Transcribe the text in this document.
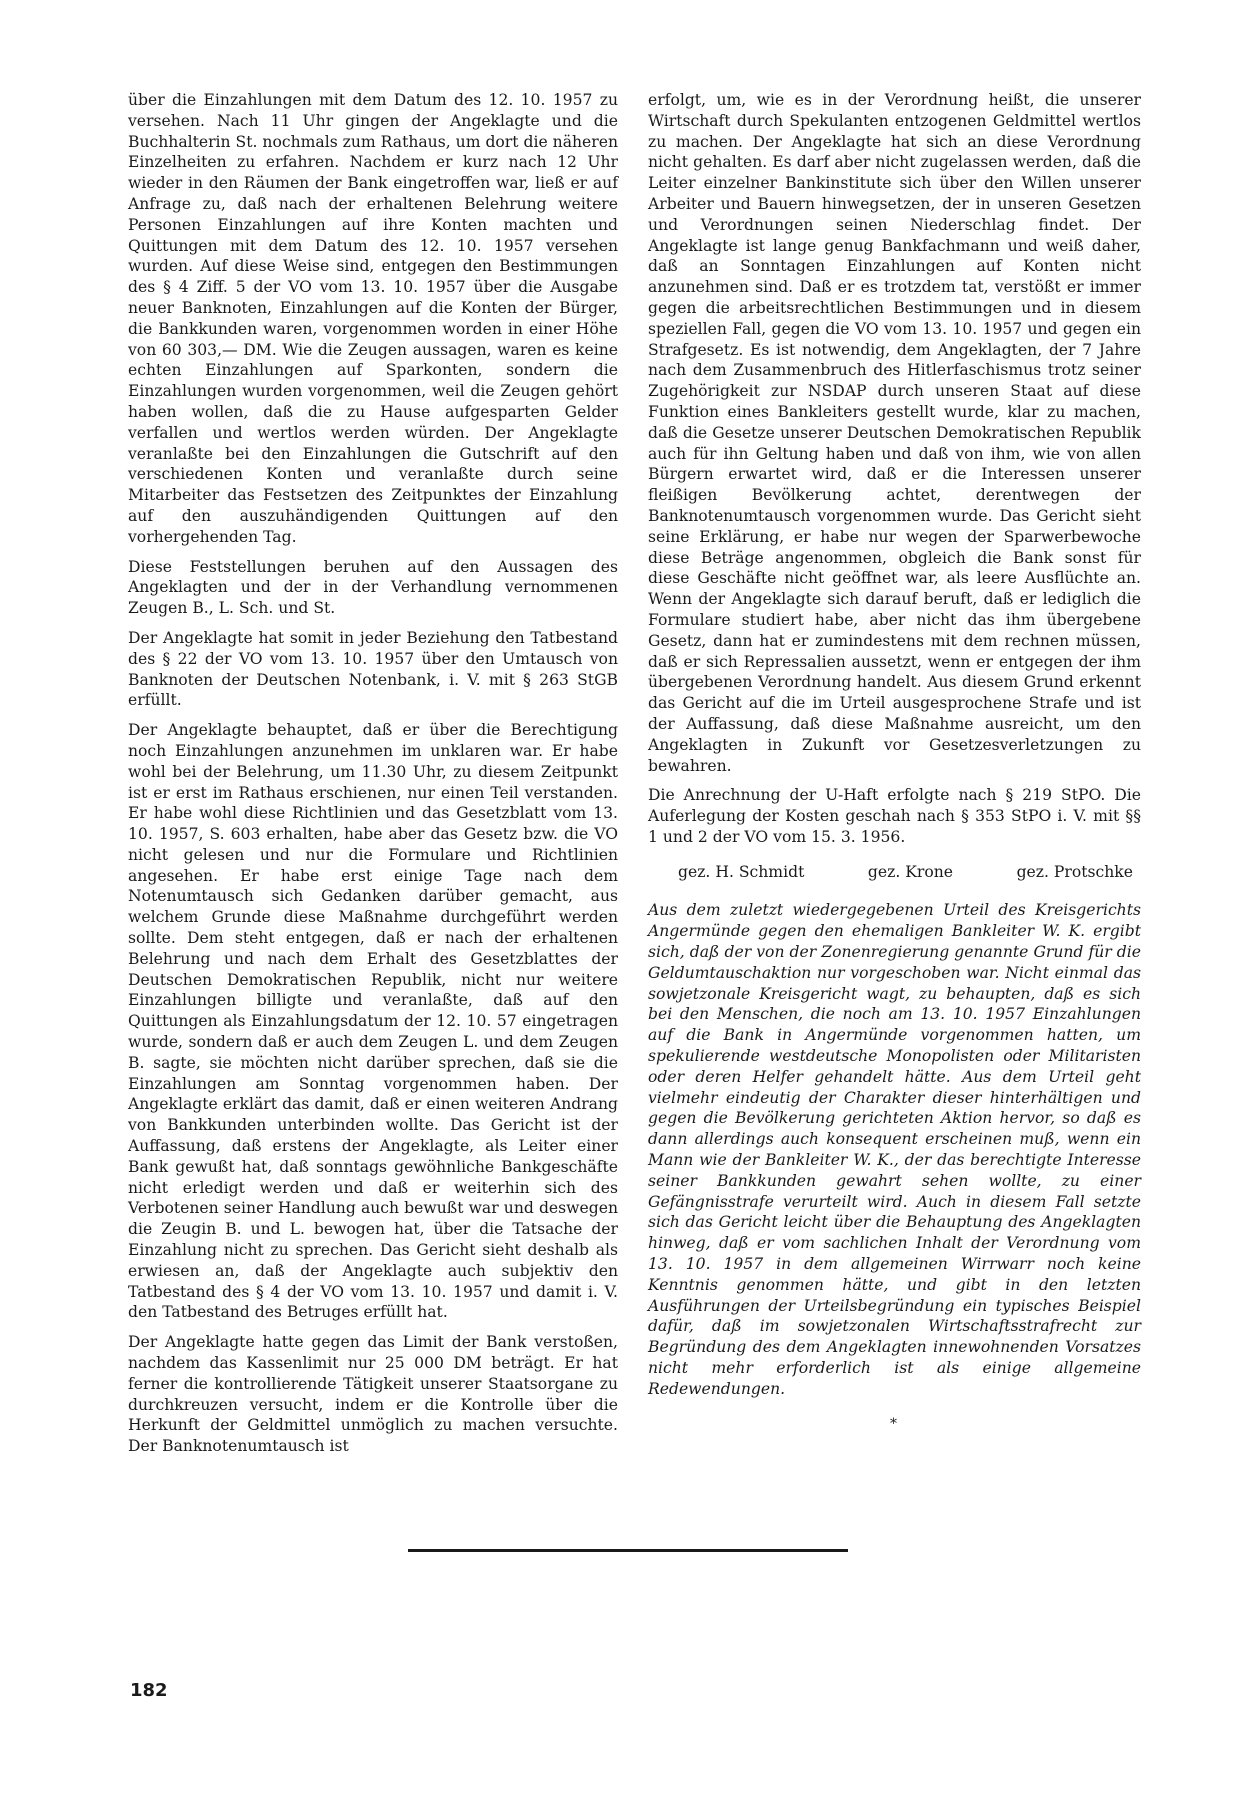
über die Einzahlungen mit dem Datum des 12. 10. 1957 zu versehen. Nach 11 Uhr gingen der Angeklagte und die Buchhalterin St. nochmals zum Rathaus, um dort die näheren Einzelheiten zu erfahren. Nachdem er kurz nach 12 Uhr wieder in den Räumen der Bank eingetroffen war, ließ er auf Anfrage zu, daß nach der erhaltenen Belehrung weitere Personen Einzahlungen auf ihre Konten machten und Quittungen mit dem Datum des 12. 10. 1957 versehen wurden. Auf diese Weise sind, entgegen den Bestimmungen des § 4 Ziff. 5 der VO vom 13. 10. 1957 über die Ausgabe neuer Banknoten, Einzahlungen auf die Konten der Bürger, die Bankkunden waren, vorgenommen worden in einer Höhe von 60 303,— DM. Wie die Zeugen aussagen, waren es keine echten Einzahlungen auf Sparkonten, sondern die Einzahlungen wurden vorgenommen, weil die Zeugen gehört haben wollen, daß die zu Hause aufgesparten Gelder verfallen und wertlos werden würden. Der Angeklagte veranlaßte bei den Einzahlungen die Gutschrift auf den verschiedenen Konten und veranlaßte durch seine Mitarbeiter das Festsetzen des Zeitpunktes der Einzahlung auf den auszuhändigenden Quittungen auf den vorhergehenden Tag.

Diese Feststellungen beruhen auf den Aussagen des Angeklagten und der in der Verhandlung vernommenen Zeugen B., L. Sch. und St.

Der Angeklagte hat somit in jeder Beziehung den Tatbestand des § 22 der VO vom 13. 10. 1957 über den Umtausch von Banknoten der Deutschen Notenbank, i. V. mit § 263 StGB erfüllt.

Der Angeklagte behauptet, daß er über die Berechtigung noch Einzahlungen anzunehmen im unklaren war. Er habe wohl bei der Belehrung, um 11.30 Uhr, zu diesem Zeitpunkt ist er erst im Rathaus erschienen, nur einen Teil verstanden. Er habe wohl diese Richtlinien und das Gesetzblatt vom 13. 10. 1957, S. 603 erhalten, habe aber das Gesetz bzw. die VO nicht gelesen und nur die Formulare und Richtlinien angesehen. Er habe erst einige Tage nach dem Notenumtausch sich Gedanken darüber gemacht, aus welchem Grunde diese Maßnahme durchgeführt werden sollte. Dem steht entgegen, daß er nach der erhaltenen Belehrung und nach dem Erhalt des Gesetzblattes der Deutschen Demokratischen Republik, nicht nur weitere Einzahlungen billigte und veranlaßte, daß auf den Quittungen als Einzahlungsdatum der 12. 10. 57 eingetragen wurde, sondern daß er auch dem Zeugen L. und dem Zeugen B. sagte, sie möchten nicht darüber sprechen, daß sie die Einzahlungen am Sonntag vorgenommen haben. Der Angeklagte erklärt das damit, daß er einen weiteren Andrang von Bankkunden unterbinden wollte. Das Gericht ist der Auffassung, daß erstens der Angeklagte, als Leiter einer Bank gewußt hat, daß sonntags gewöhnliche Bankgeschäfte nicht erledigt werden und daß er weiterhin sich des Verbotenen seiner Handlung auch bewußt war und deswegen die Zeugin B. und L. bewogen hat, über die Tatsache der Einzahlung nicht zu sprechen. Das Gericht sieht deshalb als erwiesen an, daß der Angeklagte auch subjektiv den Tatbestand des § 4 der VO vom 13. 10. 1957 und damit i. V. den Tatbestand des Betruges erfüllt hat.

Der Angeklagte hatte gegen das Limit der Bank verstoßen, nachdem das Kassenlimit nur 25 000 DM beträgt. Er hat ferner die kontrollierende Tätigkeit unserer Staatsorgane zu durchkreuzen versucht, indem er die Kontrolle über die Herkunft der Geldmittel unmöglich zu machen versuchte. Der Banknotenumtausch ist

erfolgt, um, wie es in der Verordnung heißt, die unserer Wirtschaft durch Spekulanten entzogenen Geldmittel wertlos zu machen. Der Angeklagte hat sich an diese Verordnung nicht gehalten. Es darf aber nicht zugelassen werden, daß die Leiter einzelner Bankinstitute sich über den Willen unserer Arbeiter und Bauern hinwegsetzen, der in unseren Gesetzen und Verordnungen seinen Niederschlag findet. Der Angeklagte ist lange genug Bankfachmann und weiß daher, daß an Sonntagen Einzahlungen auf Konten nicht anzunehmen sind. Daß er es trotzdem tat, verstößt er immer gegen die arbeitsrechtlichen Bestimmungen und in diesem speziellen Fall, gegen die VO vom 13. 10. 1957 und gegen ein Strafgesetz. Es ist notwendig, dem Angeklagten, der 7 Jahre nach dem Zusammenbruch des Hitlerfaschismus trotz seiner Zugehörigkeit zur NSDAP durch unseren Staat auf diese Funktion eines Bankleiters gestellt wurde, klar zu machen, daß die Gesetze unserer Deutschen Demokratischen Republik auch für ihn Geltung haben und daß von ihm, wie von allen Bürgern erwartet wird, daß er die Interessen unserer fleißigen Bevölkerung achtet, derentwegen der Banknotenumtausch vorgenommen wurde. Das Gericht sieht seine Erklärung, er habe nur wegen der Sparwerbewoche diese Beträge angenommen, obgleich die Bank sonst für diese Geschäfte nicht geöffnet war, als leere Ausflüchte an. Wenn der Angeklagte sich darauf beruft, daß er lediglich die Formulare studiert habe, aber nicht das ihm übergebene Gesetz, dann hat er zumindestens mit dem rechnen müssen, daß er sich Repressalien aussetzt, wenn er entgegen der ihm übergebenen Verordnung handelt. Aus diesem Grund erkennt das Gericht auf die im Urteil ausgesprochene Strafe und ist der Auffassung, daß diese Maßnahme ausreicht, um den Angeklagten in Zukunft vor Gesetzesverletzungen zu bewahren.

Die Anrechnung der U-Haft erfolgte nach § 219 StPO. Die Auferlegung der Kosten geschah nach § 353 StPO i. V. mit §§ 1 und 2 der VO vom 15. 3. 1956.

gez. H. Schmidt	gez. Krone	gez. Protschke

Aus dem zuletzt wiedergegebenen Urteil des Kreisgerichts Angermünde gegen den ehemaligen Bankleiter W. K. ergibt sich, daß der von der Zonenregierung genannte Grund für die Geldumtauschaktion nur vorgeschoben war. Nicht einmal das sowjetzonale Kreisgericht wagt, zu behaupten, daß es sich bei den Menschen, die noch am 13. 10. 1957 Einzahlungen auf die Bank in Angermünde vorgenommen hatten, um spekulierende westdeutsche Monopolisten oder Militaristen oder deren Helfer gehandelt hätte. Aus dem Urteil geht vielmehr eindeutig der Charakter dieser hinterhältigen und gegen die Bevölkerung gerichteten Aktion hervor, so daß es dann allerdings auch konsequent erscheinen muß, wenn ein Mann wie der Bankleiter W. K., der das berechtigte Interesse seiner Bankkunden gewahrt sehen wollte, zu einer Gefängnisstrafe verurteilt wird. Auch in diesem Fall setzte sich das Gericht leicht über die Behauptung des Angeklagten hinweg, daß er vom sachlichen Inhalt der Verordnung vom 13. 10. 1957 in dem allgemeinen Wirrwarr noch keine Kenntnis genommen hätte, und gibt in den letzten Ausführungen der Urteilsbegründung ein typisches Beispiel dafür, daß im sowjetzonalen Wirtschaftsstrafrecht zur Begründung des dem Angeklagten innewohnenden Vorsatzes nicht mehr erforderlich ist als einige allgemeine Redewendungen.

*
182
